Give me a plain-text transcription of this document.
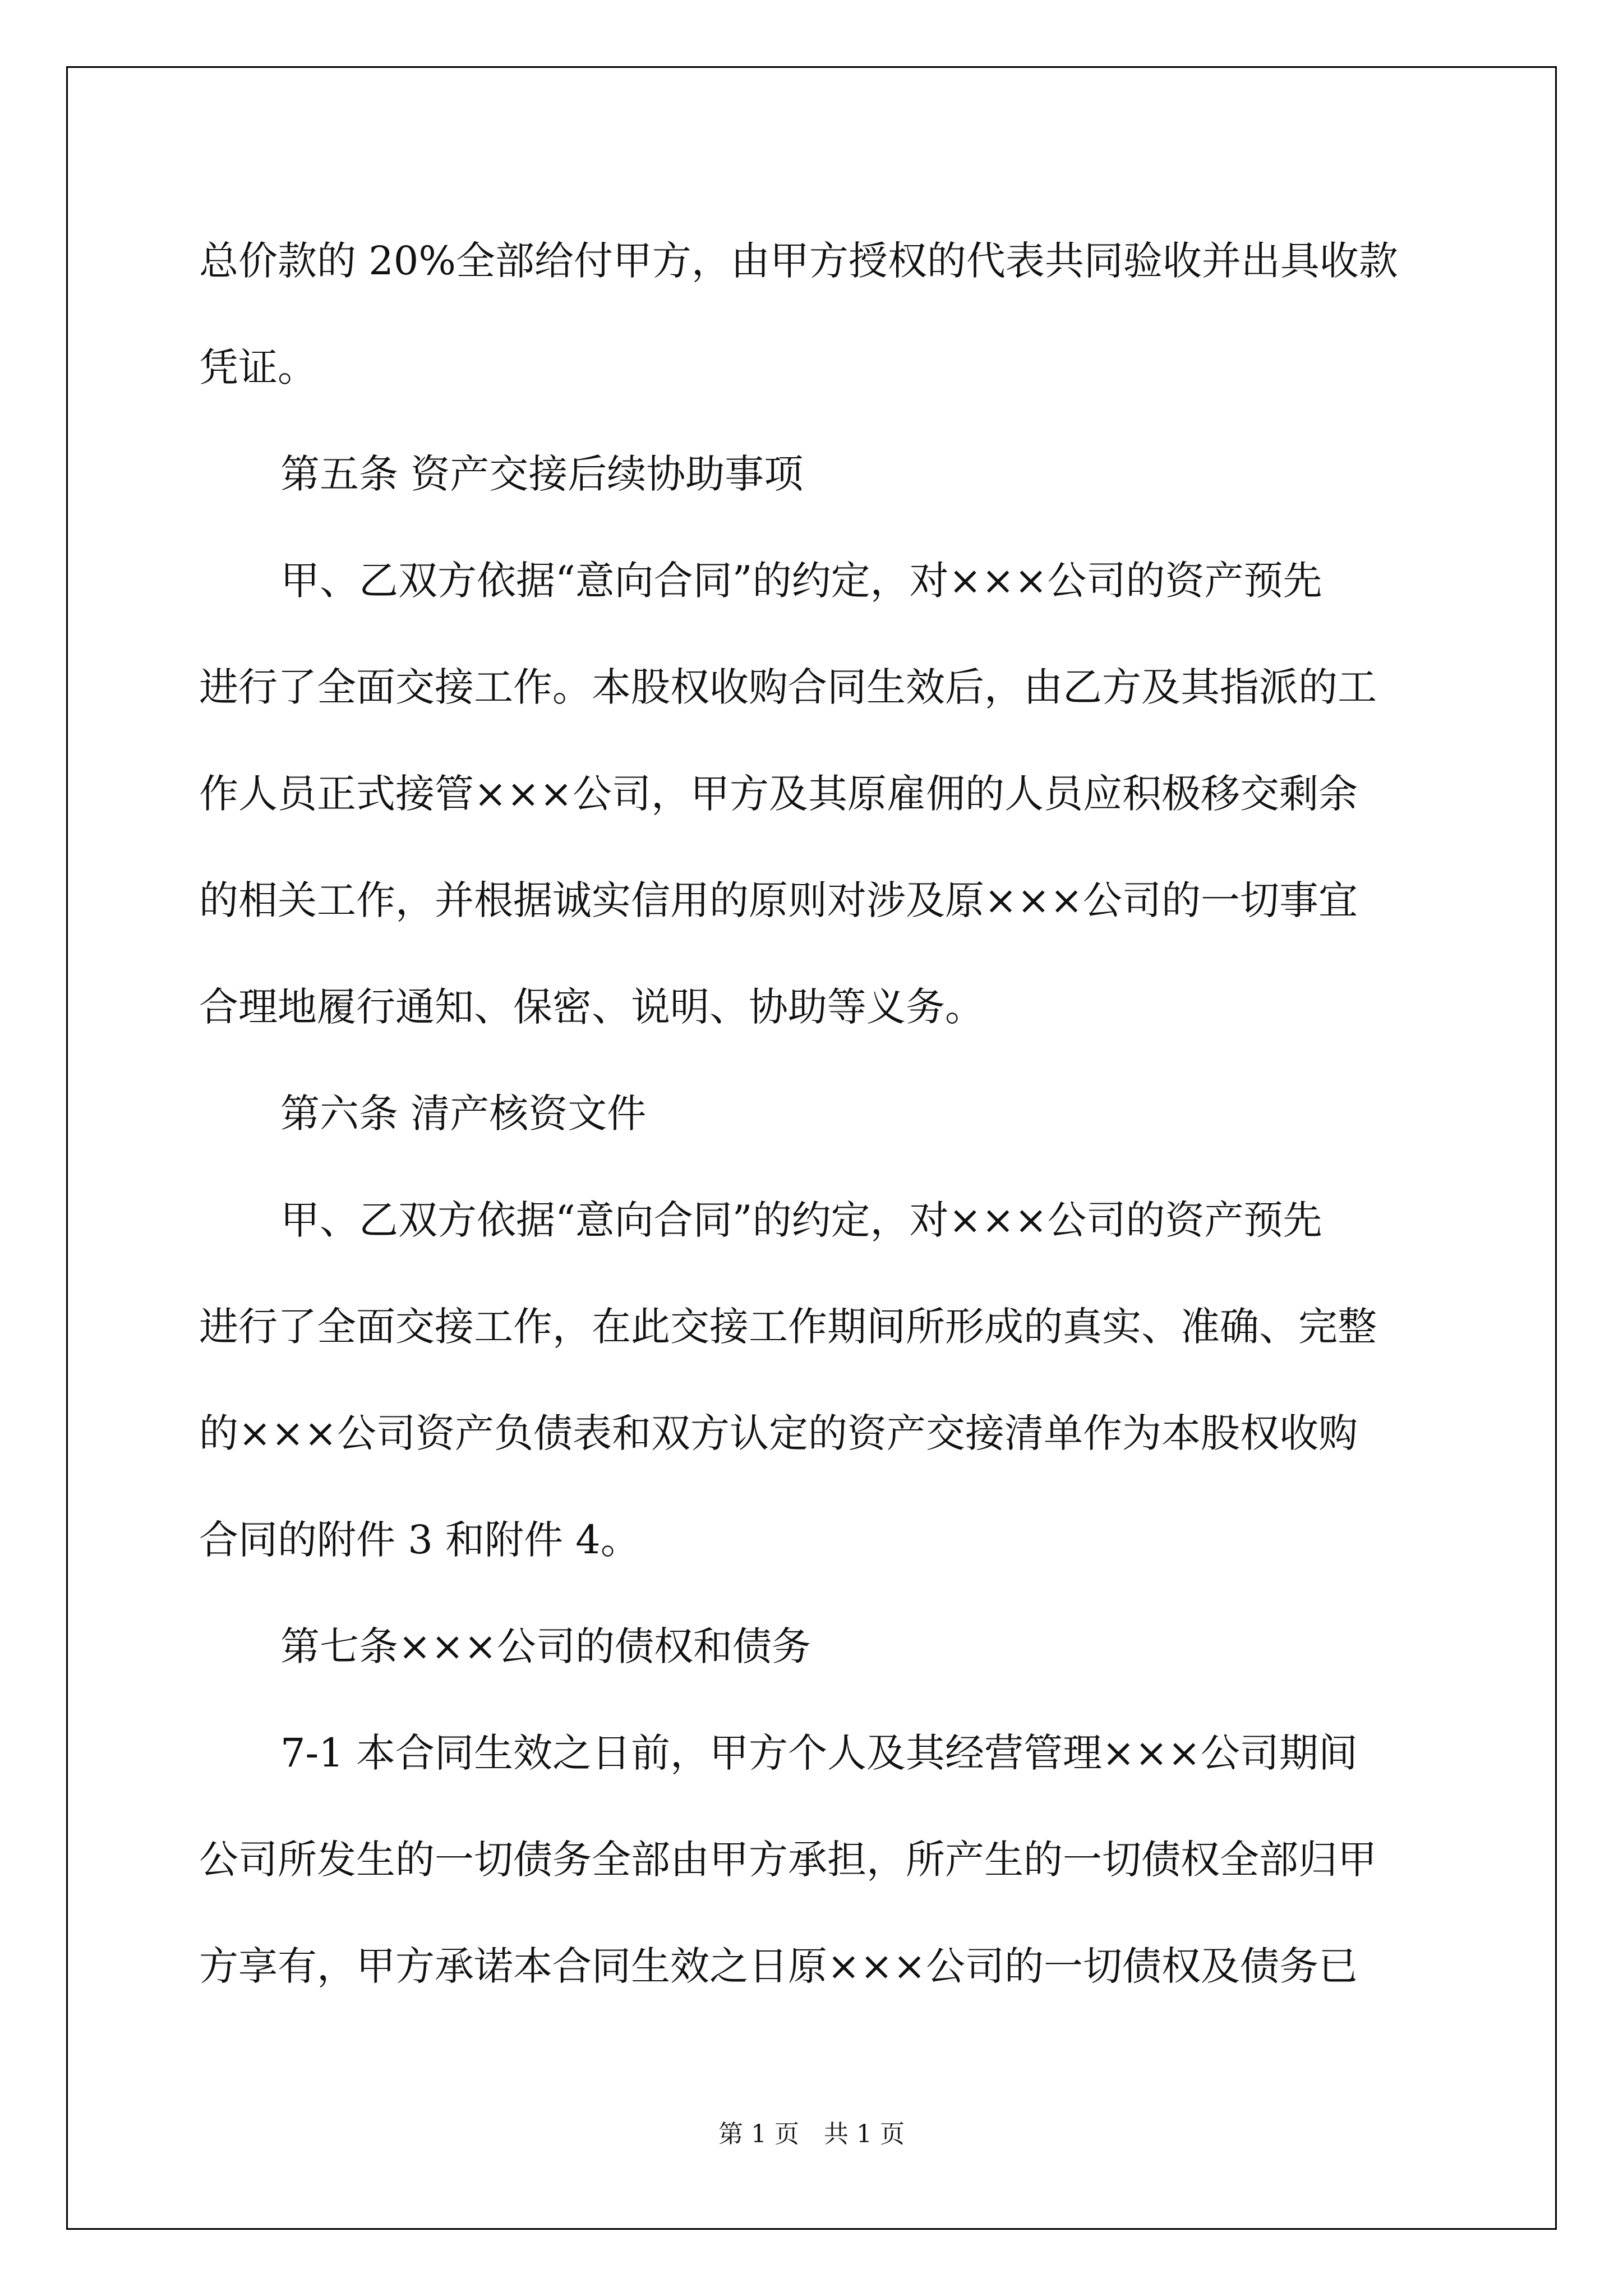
总价款的 20%全部给付甲方，由甲方授权的代表共同验收并出具收款
凭证。
第五条 资产交接后续协助事项
甲、乙双方依据“意向合同”的约定，对×××公司的资产预先
进行了全面交接工作。本股权收购合同生效后，由乙方及其指派的工
作人员正式接管×××公司，甲方及其原雇佣的人员应积极移交剩余
的相关工作，并根据诚实信用的原则对涉及原×××公司的一切事宜
合理地履行通知、保密、说明、协助等义务。
第六条 清产核资文件
甲、乙双方依据“意向合同”的约定，对×××公司的资产预先
进行了全面交接工作，在此交接工作期间所形成的真实、准确、完整
的×××公司资产负债表和双方认定的资产交接清单作为本股权收购
合同的附件 3 和附件 4。
第七条×××公司的债权和债务
7-1 本合同生效之日前，甲方个人及其经营管理×××公司期间
公司所发生的一切债务全部由甲方承担，所产生的一切债权全部归甲
方享有，甲方承诺本合同生效之日原×××公司的一切债权及债务已

第 1 页　共 1 页
